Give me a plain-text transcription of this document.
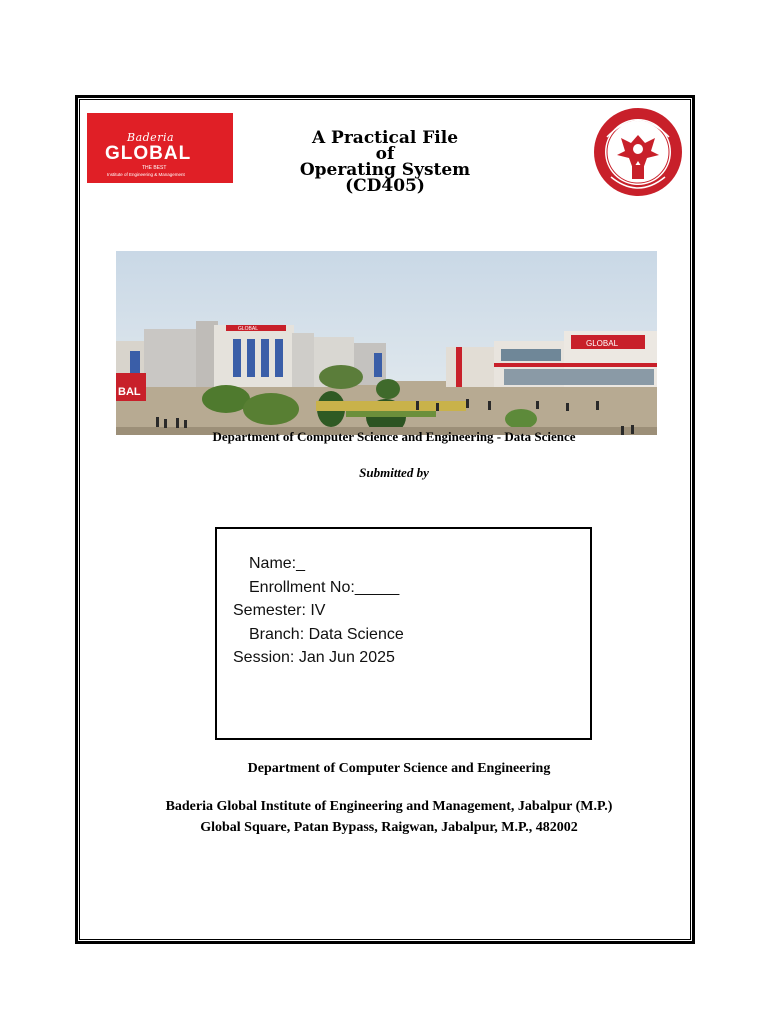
Baderia
GLOBAL
THE BEST
Institute of Engineering & Management
A Practical File
of
Operating System
(CD405)
BAL
GLOBAL
GLOBAL
Department of Computer Science and Engineering - Data Science
Submitted by
Name:_
Enrollment No:_____
Semester: IV
Branch: Data Science
Session: Jan Jun 2025
Department of Computer Science and Engineering
Baderia Global Institute of Engineering and Management, Jabalpur (M.P.)
Global Square, Patan Bypass, Raigwan, Jabalpur, M.P., 482002
